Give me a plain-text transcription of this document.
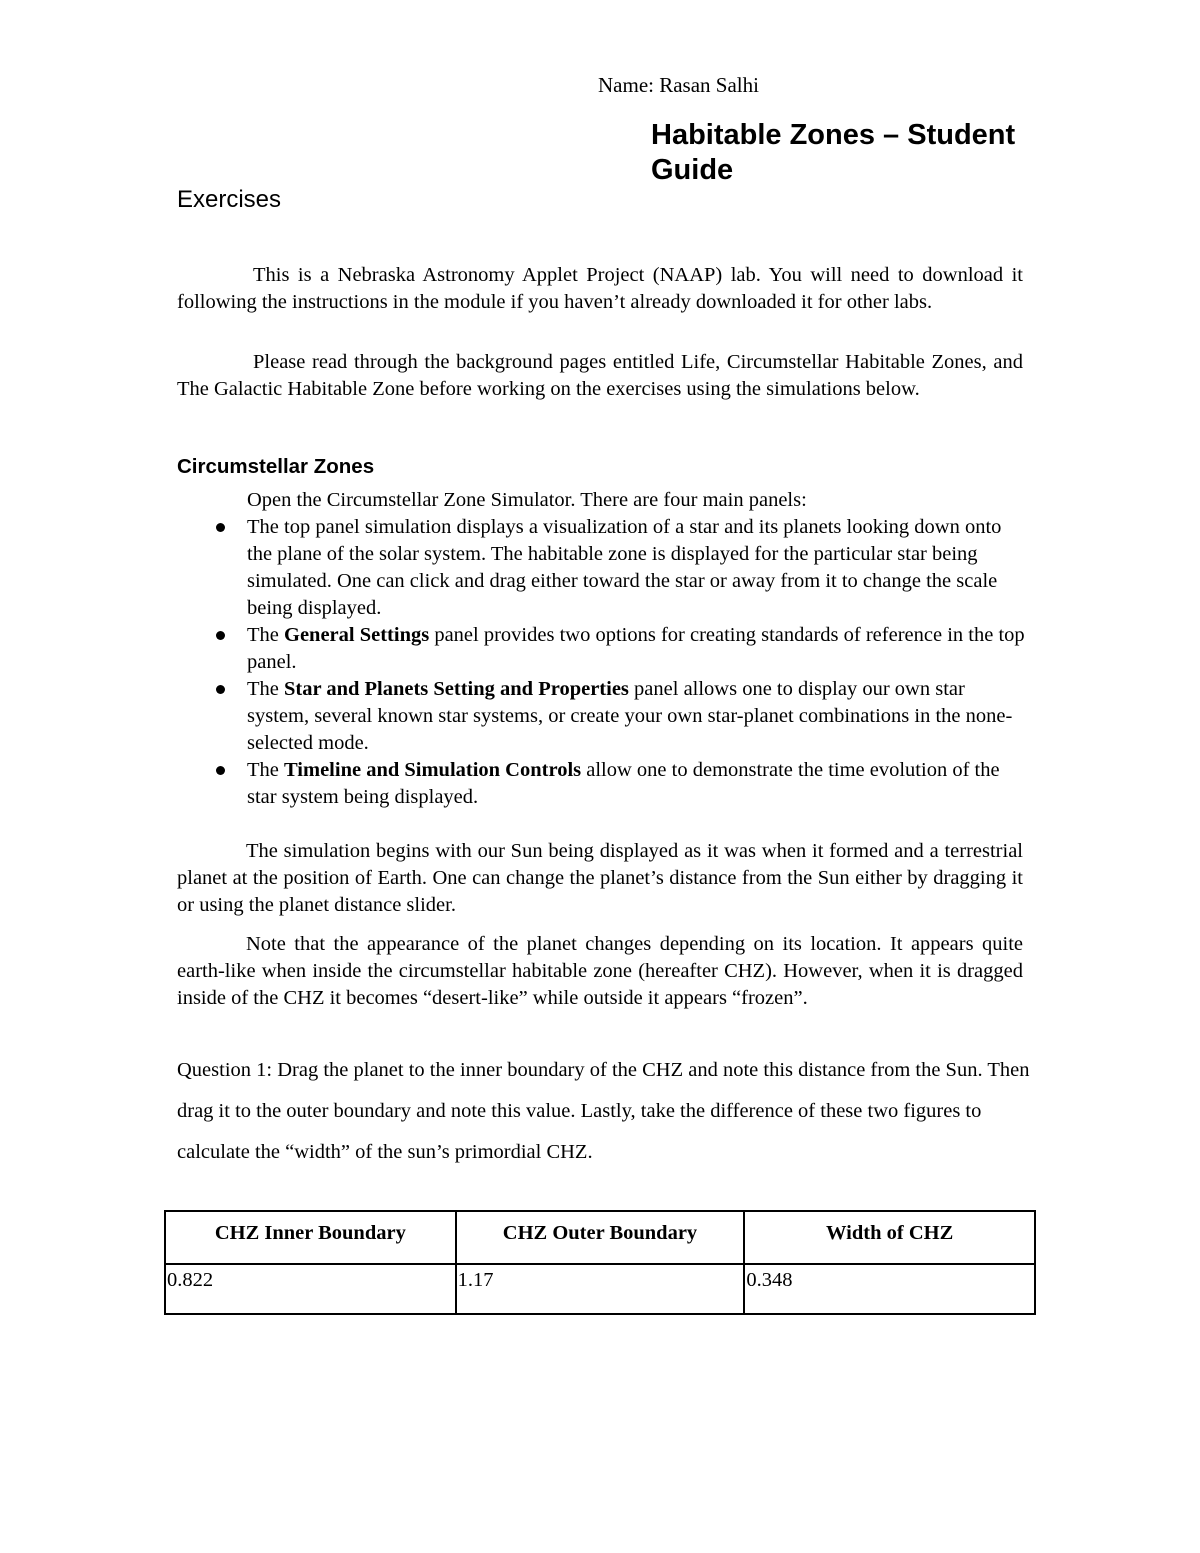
Name: Rasan Salhi
Habitable Zones – Student Guide
Exercises

This is a Nebraska Astronomy Applet Project (NAAP) lab. You will need to download it following the instructions in the module if you haven’t already downloaded it for other labs.

Please read through the background pages entitled Life, Circumstellar Habitable Zones, and The Galactic Habitable Zone before working on the exercises using the simulations below.

Circumstellar Zones
Open the Circumstellar Zone Simulator. There are four main panels:
The top panel simulation displays a visualization of a star and its planets looking down onto the plane of the solar system. The habitable zone is displayed for the particular star being simulated. One can click and drag either toward the star or away from it to change the scale being displayed.
The General Settings panel provides two options for creating standards of reference in the top panel.
The Star and Planets Setting and Properties panel allows one to display our own star system, several known star systems, or create your own star-planet combinations in the none-selected mode.
The Timeline and Simulation Controls allow one to demonstrate the time evolution of the star system being displayed.

The simulation begins with our Sun being displayed as it was when it formed and a terrestrial planet at the position of Earth. One can change the planet’s distance from the Sun either by dragging it or using the planet distance slider.

Note that the appearance of the planet changes depending on its location. It appears quite earth-like when inside the circumstellar habitable zone (hereafter CHZ). However, when it is dragged inside of the CHZ it becomes “desert-like” while outside it appears “frozen”.

Question 1: Drag the planet to the inner boundary of the CHZ and note this distance from the Sun. Then drag it to the outer boundary and note this value. Lastly, take the difference of these two figures to calculate the “width” of the sun’s primordial CHZ.

CHZ Inner Boundary	CHZ Outer Boundary	Width of CHZ
0.822	1.17	0.348
